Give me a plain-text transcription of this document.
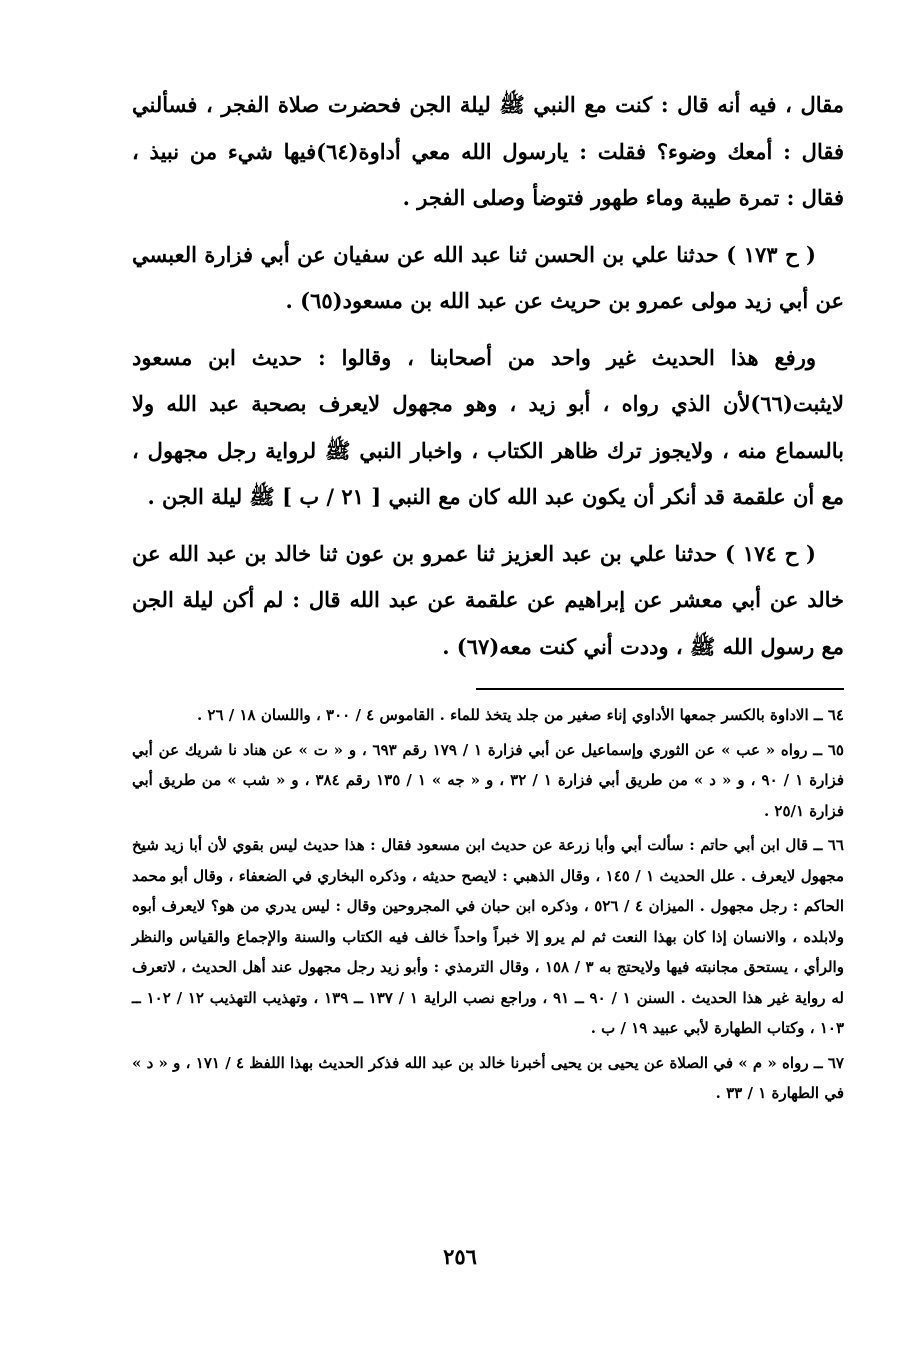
مقال ، فيه أنه قال : كنت مع النبي ﷺ ليلة الجن فحضرت صلاة الفجر ، فسألني فقال : أمعك وضوء؟ فقلت : يارسول الله معي أداوة(٦٤)فيها شيء من نبيذ ، فقال : تمرة طيبة وماء طهور فتوضأ وصلى الفجر .

( ح ١٧٣ ) حدثنا علي بن الحسن ثنا عبد الله عن سفيان عن أبي فزارة العبسي عن أبي زيد مولى عمرو بن حريث عن عبد الله بن مسعود(٦٥) .

ورفع هذا الحديث غير واحد من أصحابنا ، وقالوا : حديث ابن مسعود لايثبت(٦٦)لأن الذي رواه ، أبو زيد ، وهو مجهول لايعرف بصحبة عبد الله ولا بالسماع منه ، ولايجوز ترك ظاهر الكتاب ، واخبار النبي ﷺ لرواية رجل مجهول ، مع أن علقمة قد أنكر أن يكون عبد الله كان مع النبي [ ٢١ / ب ] ﷺ ليلة الجن .

( ح ١٧٤ ) حدثنا علي بن عبد العزيز ثنا عمرو بن عون ثنا خالد بن عبد الله عن خالد عن أبي معشر عن إبراهيم عن علقمة عن عبد الله قال : لم أكن ليلة الجن مع رسول الله ﷺ ، وددت أني كنت معه(٦٧) .

٦٤ ــ الاداوة بالكسر جمعها الأداوي إناء صغير من جلد يتخذ للماء . القاموس ٤ / ٣٠٠ ، واللسان ١٨ / ٢٦ .

٦٥ ــ رواه « عب » عن الثوري وإسماعيل عن أبي فزارة ١ / ١٧٩ رقم ٦٩٣ ، و « ت » عن هناد نا شريك عن أبي فزارة ١ / ٩٠ ، و « د » من طريق أبي فزارة ١ / ٣٢ ، و « جه » ١ / ١٣٥ رقم ٣٨٤ ، و « شب » من طريق أبي فزارة ٢٥/١ .

٦٦ ــ قال ابن أبي حاتم : سألت أبي وأبا زرعة عن حديث ابن مسعود فقال : هذا حديث ليس بقوي لأن أبا زيد شيخ مجهول لايعرف . علل الحديث ١ / ١٤٥ ، وقال الذهبي : لايصح حديثه ، وذكره البخاري في الضعفاء ، وقال أبو محمد الحاكم : رجل مجهول . الميزان ٤ / ٥٢٦ ، وذكره ابن حبان في المجروحين وقال : ليس يدري من هو؟ لايعرف أبوه ولابلده ، والانسان إذا كان بهذا النعت ثم لم يرو إلا خبراً واحداً خالف فيه الكتاب والسنة والإجماع والقياس والنظر والرأي ، يستحق مجانبته فيها ولايحتج به ٣ / ١٥٨ ، وقال الترمذي : وأبو زيد رجل مجهول عند أهل الحديث ، لاتعرف له رواية غير هذا الحديث . السنن ١ / ٩٠ ــ ٩١ ، وراجع نصب الراية ١ / ١٣٧ ــ ١٣٩ ، وتهذيب التهذيب ١٢ / ١٠٢ ــ ١٠٣ ، وكتاب الطهارة لأبي عبيد ١٩ / ب .

٦٧ ــ رواه « م » في الصلاة عن يحيى بن يحيى أخبرنا خالد بن عبد الله فذكر الحديث بهذا اللفظ ٤ / ١٧١ ، و « د » في الطهارة ١ / ٣٣ .

٢٥٦
